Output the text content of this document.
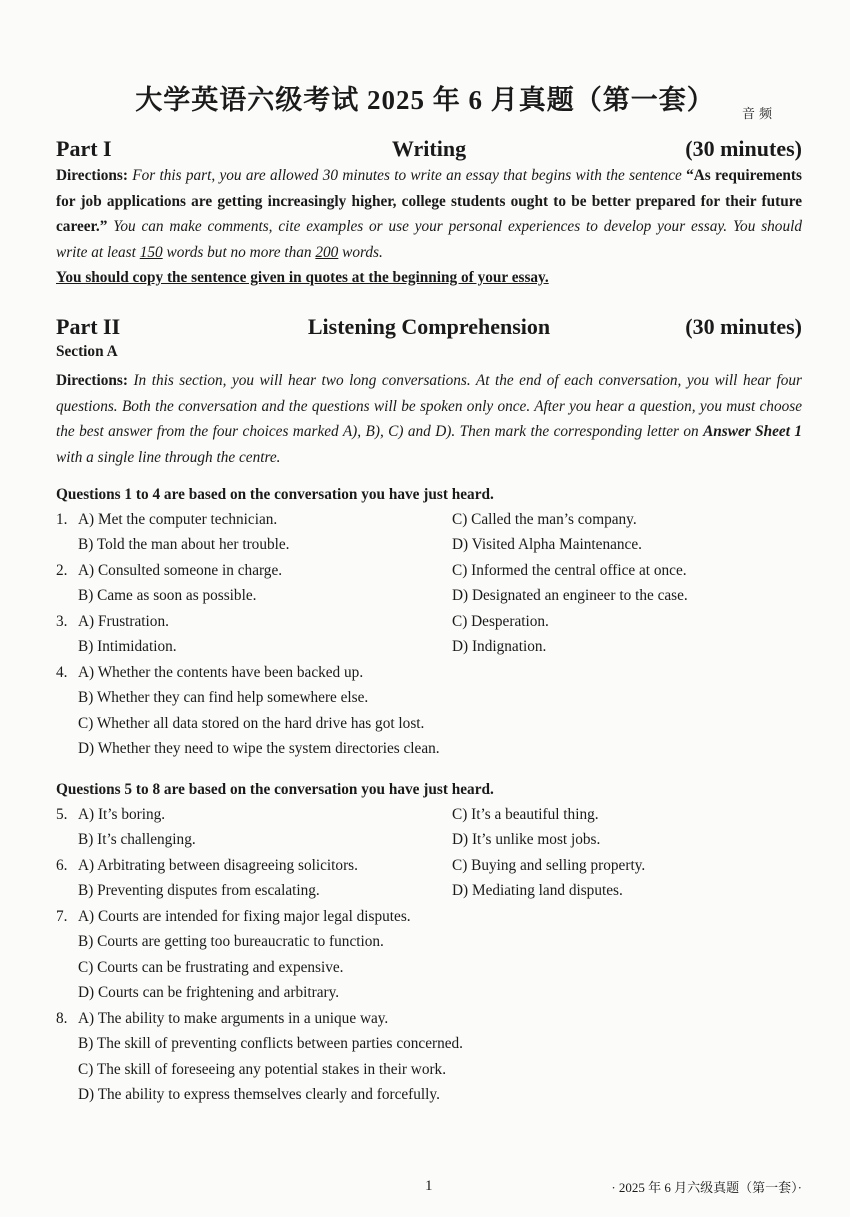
大学英语六级考试 2025 年 6 月真题（第一套）	音频
Part I	Writing	(30 minutes)
Directions: For this part, you are allowed 30 minutes to write an essay that begins with the sentence “As requirements for job applications are getting increasingly higher, college students ought to be better prepared for their future career.” You can make comments, cite examples or use your personal experiences to develop your essay. You should write at least 150 words but no more than 200 words.
You should copy the sentence given in quotes at the beginning of your essay.
Part II	Listening Comprehension	(30 minutes)
Section A
Directions: In this section, you will hear two long conversations. At the end of each conversation, you will hear four questions. Both the conversation and the questions will be spoken only once. After you hear a question, you must choose the best answer from the four choices marked A), B), C) and D). Then mark the corresponding letter on Answer Sheet 1 with a single line through the centre.
Questions 1 to 4 are based on the conversation you have just heard.
1. A) Met the computer technician.	C) Called the man’s company.
B) Told the man about her trouble.	D) Visited Alpha Maintenance.
2. A) Consulted someone in charge.	C) Informed the central office at once.
B) Came as soon as possible.	D) Designated an engineer to the case.
3. A) Frustration.	C) Desperation.
B) Intimidation.	D) Indignation.
4. A) Whether the contents have been backed up.
B) Whether they can find help somewhere else.
C) Whether all data stored on the hard drive has got lost.
D) Whether they need to wipe the system directories clean.
Questions 5 to 8 are based on the conversation you have just heard.
5. A) It’s boring.	C) It’s a beautiful thing.
B) It’s challenging.	D) It’s unlike most jobs.
6. A) Arbitrating between disagreeing solicitors.	C) Buying and selling property.
B) Preventing disputes from escalating.	D) Mediating land disputes.
7. A) Courts are intended for fixing major legal disputes.
B) Courts are getting too bureaucratic to function.
C) Courts can be frustrating and expensive.
D) Courts can be frightening and arbitrary.
8. A) The ability to make arguments in a unique way.
B) The skill of preventing conflicts between parties concerned.
C) The skill of foreseeing any potential stakes in their work.
D) The ability to express themselves clearly and forcefully.
1	· 2025 年 6 月六级真题（第一套）·
